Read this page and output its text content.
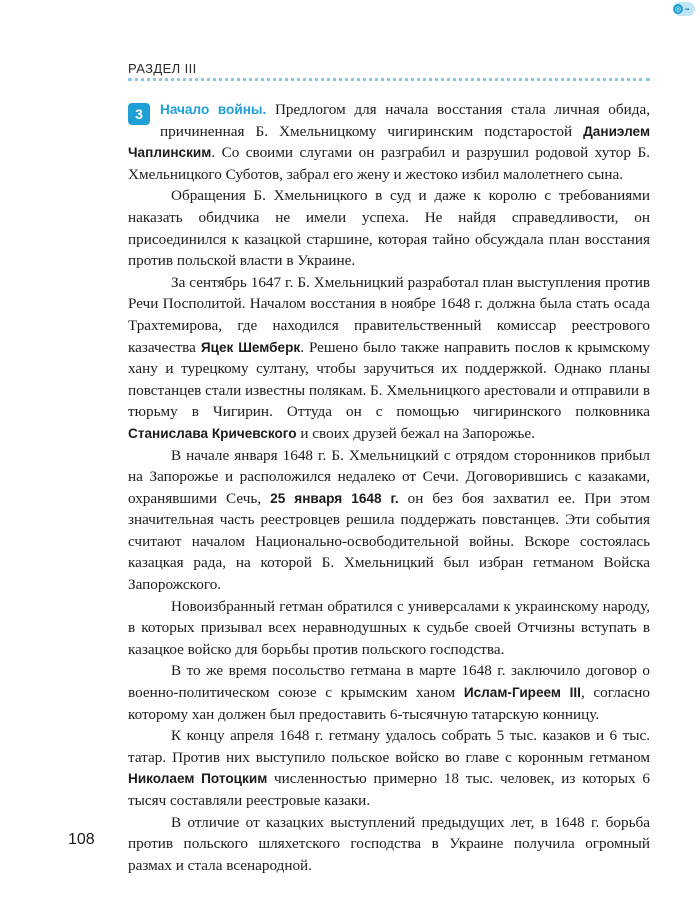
◎	▪▪
РАЗДЕЛ III

3	Начало войны. Предлогом для начала восстания стала личная обида, причиненная Б. Хмельницкому чигиринским подстаростой Даниэлем Чаплинским. Со своими слугами он разграбил и разрушил родовой хутор Б. Хмельницкого Суботов, забрал его жену и жестоко избил малолетнего сына.

Обращения Б. Хмельницкого в суд и даже к королю с требованиями наказать обидчика не имели успеха. Не найдя справедливости, он присоединился к казацкой старшине, которая тайно обсуждала план восстания против польской власти в Украине.

За сентябрь 1647 г. Б. Хмельницкий разработал план выступления против Речи Посполитой. Началом восстания в ноябре 1648 г. должна была стать осада Трахтемирова, где находился правительственный комиссар реестрового казачества Яцек Шемберк. Решено было также направить послов к крымскому хану и турецкому султану, чтобы заручиться их поддержкой. Однако планы повстанцев стали известны полякам. Б. Хмельницкого арестовали и отправили в тюрьму в Чигирин. Оттуда он с помощью чигиринского полковника Станислава Кричевского и своих друзей бежал на Запорожье.

В начале января 1648 г. Б. Хмельницкий с отрядом сторонников прибыл на Запорожье и расположился недалеко от Сечи. Договорившись с казаками, охранявшими Сечь, 25 января 1648 г. он без боя захватил ее. При этом значительная часть реестровцев решила поддержать повстанцев. Эти события считают началом Национально-освободительной войны. Вскоре состоялась казацкая рада, на которой Б. Хмельницкий был избран гетманом Войска Запорожского.

Новоизбранный гетман обратился с универсалами к украинскому народу, в которых призывал всех неравнодушных к судьбе своей Отчизны вступать в казацкое войско для борьбы против польского господства.

В то же время посольство гетмана в марте 1648 г. заключило договор о военно-политическом союзе с крымским ханом Ислам-Гиреем III, согласно которому хан должен был предоставить 6-тысячную татарскую конницу.

К концу апреля 1648 г. гетману удалось собрать 5 тыс. казаков и 6 тыс. татар. Против них выступило польское войско во главе с коронным гетманом Николаем Потоцким численностью примерно 18 тыс. человек, из которых 6 тысяч составляли реестровые казаки.

В отличие от казацких выступлений предыдущих лет, в 1648 г. борьба против польского шляхетского господства в Украине получила огромный размах и стала всенародной.

108
